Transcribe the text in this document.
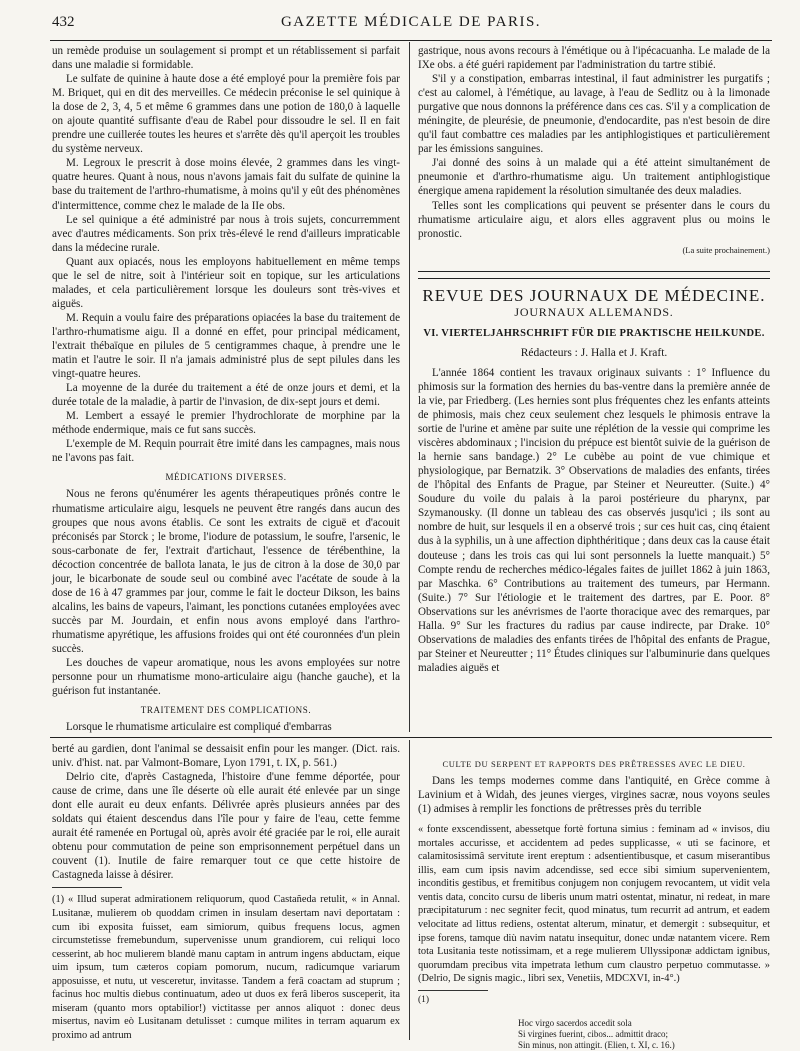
432	GAZETTE MÉDICALE DE PARIS.

un remède produise un soulagement si prompt et un rétablissement si parfait dans une maladie si formidable.

Le sulfate de quinine à haute dose a été employé pour la première fois par M. Briquet, qui en dit des merveilles. Ce médecin préconise le sel quinique à la dose de 2, 3, 4, 5 et même 6 grammes dans une potion de 180,0 à laquelle on ajoute quantité suffisante d'eau de Rabel pour dissoudre le sel. Il en fait prendre une cuillerée toutes les heures et s'arrête dès qu'il aperçoit les troubles du système nerveux.

M. Legroux le prescrit à dose moins élevée, 2 grammes dans les vingt-quatre heures. Quant à nous, nous n'avons jamais fait du sulfate de quinine la base du traitement de l'arthro-rhumatisme, à moins qu'il y eût des phénomènes d'intermittence, comme chez le malade de la IIe obs.

Le sel quinique a été administré par nous à trois sujets, concurremment avec d'autres médicaments. Son prix très-élevé le rend d'ailleurs impraticable dans la médecine rurale.

Quant aux opiacés, nous les employons habituellement en même temps que le sel de nitre, soit à l'intérieur soit en topique, sur les articulations malades, et cela particulièrement lorsque les douleurs sont très-vives et aiguës.

M. Requin a voulu faire des préparations opiacées la base du traitement de l'arthro-rhumatisme aigu. Il a donné en effet, pour principal médicament, l'extrait thébaïque en pilules de 5 centigrammes chaque, à prendre une le matin et l'autre le soir. Il n'a jamais administré plus de sept pilules dans les vingt-quatre heures.

La moyenne de la durée du traitement a été de onze jours et demi, et la durée totale de la maladie, à partir de l'invasion, de dix-sept jours et demi.

M. Lembert a essayé le premier l'hydrochlorate de morphine par la méthode endermique, mais ce fut sans succès.

L'exemple de M. Requin pourrait être imité dans les campagnes, mais nous ne l'avons pas fait.

MÉDICATIONS DIVERSES.

Nous ne ferons qu'énumérer les agents thérapeutiques prônés contre le rhumatisme articulaire aigu, lesquels ne peuvent être rangés dans aucun des groupes que nous avons établis. Ce sont les extraits de ciguë et d'acouit préconisés par Storck ; le brome, l'iodure de potassium, le soufre, l'arsenic, le sous-carbonate de fer, l'extrait d'artichaut, l'essence de térébenthine, la décoction concentrée de ballota lanata, le jus de citron à la dose de 30,0 par jour, le bicarbonate de soude seul ou combiné avec l'acétate de soude à la dose de 16 à 47 grammes par jour, comme le fait le docteur Dikson, les bains alcalins, les bains de vapeurs, l'aimant, les ponctions cutanées employées avec succès par M. Jourdain, et enfin nous avons employé dans l'arthro-rhumatisme apyrétique, les affusions froides qui ont été couronnées d'un plein succès.

Les douches de vapeur aromatique, nous les avons employées sur notre personne pour un rhumatisme mono-articulaire aigu (hanche gauche), et la guérison fut instantanée.

TRAITEMENT DES COMPLICATIONS.

Lorsque le rhumatisme articulaire est compliqué d'embarras

gastrique, nous avons recours à l'émétique ou à l'ipécacuanha. Le malade de la IXe obs. a été guéri rapidement par l'administration du tartre stibié.

S'il y a constipation, embarras intestinal, il faut administrer les purgatifs ; c'est au calomel, à l'émétique, au lavage, à l'eau de Sedlitz ou à la limonade purgative que nous donnons la préférence dans ces cas. S'il y a complication de méningite, de pleurésie, de pneumonie, d'endocardite, pas n'est besoin de dire qu'il faut combattre ces maladies par les antiphlogistiques et particulièrement par les émissions sanguines.

J'ai donné des soins à un malade qui a été atteint simultanément de pneumonie et d'arthro-rhumatisme aigu. Un traitement antiphlogistique énergique amena rapidement la résolution simultanée des deux maladies.

Telles sont les complications qui peuvent se présenter dans le cours du rhumatisme articulaire aigu, et alors elles aggravent plus ou moins le pronostic.

(La suite prochainement.)
REVUE DES JOURNAUX DE MÉDECINE.
JOURNAUX ALLEMANDS.
VI. VIERTELJAHRSCHRIFT FÜR DIE PRAKTISCHE HEILKUNDE.
Rédacteurs : J. Halla et J. Kraft.

L'année 1864 contient les travaux originaux suivants : 1° Influence du phimosis sur la formation des hernies du bas-ventre dans la première année de la vie, par Friedberg. (Les hernies sont plus fréquentes chez les enfants atteints de phimosis, mais chez ceux seulement chez lesquels le phimosis entrave la sortie de l'urine et amène par suite une réplétion de la vessie qui comprime les viscères abdominaux ; l'incision du prépuce est bientôt suivie de la guérison de la hernie sans bandage.) 2° Le cubèbe au point de vue chimique et physiologique, par Bernatzik. 3° Observations de maladies des enfants, tirées de l'hôpital des Enfants de Prague, par Steiner et Neureutter. (Suite.) 4° Soudure du voile du palais à la paroi postérieure du pharynx, par Szymanousky. (Il donne un tableau des cas observés jusqu'ici ; ils sont au nombre de huit, sur lesquels il en a observé trois ; sur ces huit cas, cinq étaient dus à la syphilis, un à une affection diphthéritique ; dans deux cas la cause était douteuse ; dans les trois cas qui lui sont personnels la luette manquait.) 5° Compte rendu de recherches médico-légales faites de juillet 1862 à juin 1863, par Maschka. 6° Contributions au traitement des tumeurs, par Hermann. (Suite.) 7° Sur l'étiologie et le traitement des dartres, par E. Poor. 8° Observations sur les anévrismes de l'aorte thoracique avec des remarques, par Halla. 9° Sur les fractures du radius par cause indirecte, par Drake. 10° Observations de maladies des enfants tirées de l'hôpital des enfants de Prague, par Steiner et Neureutter ; 11° Études cliniques sur l'albuminurie dans quelques maladies aiguës et

berté au gardien, dont l'animal se dessaisit enfin pour les manger. (Dict. rais. univ. d'hist. nat. par Valmont-Bomare, Lyon 1791, t. IX, p. 561.)

Delrio cite, d'après Castagneda, l'histoire d'une femme déportée, pour cause de crime, dans une île déserte où elle aurait été enlevée par un singe dont elle aurait eu deux enfants. Délivrée après plusieurs années par des soldats qui étaient descendus dans l'île pour y faire de l'eau, cette femme aurait été ramenée en Portugal où, après avoir été graciée par le roi, elle aurait obtenu pour commutation de peine son emprisonnement perpétuel dans un couvent (1). Inutile de faire remarquer tout ce que cette histoire de Castagneda laisse à désirer.

(1) « Illud superat admirationem reliquorum, quod Castañeda retulit, « in Annal. Lusitanæ, mulierem ob quoddam crimen in insulam desertam navi deportatam : cum ibi exposita fuisset, eam simiorum, quibus frequens locus, agmen circumstetisse fremebundum, supervenisse unum grandiorem, cui reliqui loco cesserint, ab hoc mulierem blandè manu captam in antrum ingens abductam, eique uim ipsum, tum cæteros copiam pomorum, nucum, radicumque variarum apposuisse, et nutu, ut vesceretur, invitasse. Tandem a ferâ coactam ad stuprum ; facinus hoc multis diebus continuatum, adeo ut duos ex ferâ liberos susceperit, ita miseram (quanto mors optabilior!) victitasse per annos aliquot : donec deus misertus, navim eò Lusitanam detulisset : cumque milites in terram aquarum ex proximo ad antrum

CULTE DU SERPENT ET RAPPORTS DES PRÊTRESSES AVEC LE DIEU.

Dans les temps modernes comme dans l'antiquité, en Grèce comme à Lavinium et à Widah, des jeunes vierges, virgines sacræ, nous voyons seules (1) admises à remplir les fonctions de prêtresses près du terrible

« fonte exscendissent, abessetque fortè fortuna simius : feminam ad « invisos, diu mortales accurisse, et accidentem ad pedes supplicasse, « uti se facinore, et calamitosissimâ servitute irent ereptum : adsentientibusque, et casum miserantibus illis, eam cum ipsis navim adcendisse, sed ecce sibi simium supervenientem, inconditis gestibus, et fremitibus conjugem non conjugem revocantem, ut vidit vela ventis data, concito cursu de liberis unum matri ostentat, minatur, ni redeat, in mare præcipitaturum : nec segniter fecit, quod minatus, tum recurrit ad antrum, et eadem velocitate ad littus rediens, ostentat alterum, minatur, et demergit : subsequitur, et ipse forens, tamque diù navim natatu insequitur, donec undæ natantem vicere. Rem tota Lusitania teste notissimam, et a rege mulierem Ullyssiponæ addictam ignibus, quorumdam precibus vita impetrata lethum cum claustro perpetuo commutasse. » (Delrio, De signis magic., libri sex, Venetiis, MDCXVI, in-4°.)

(1)
Hoc virgo sacerdos accedit sola
Si virgines fuerint, cibos... admittit draco;
Sin minus, non attingit. (Elien, t. XI, c. 16.)
